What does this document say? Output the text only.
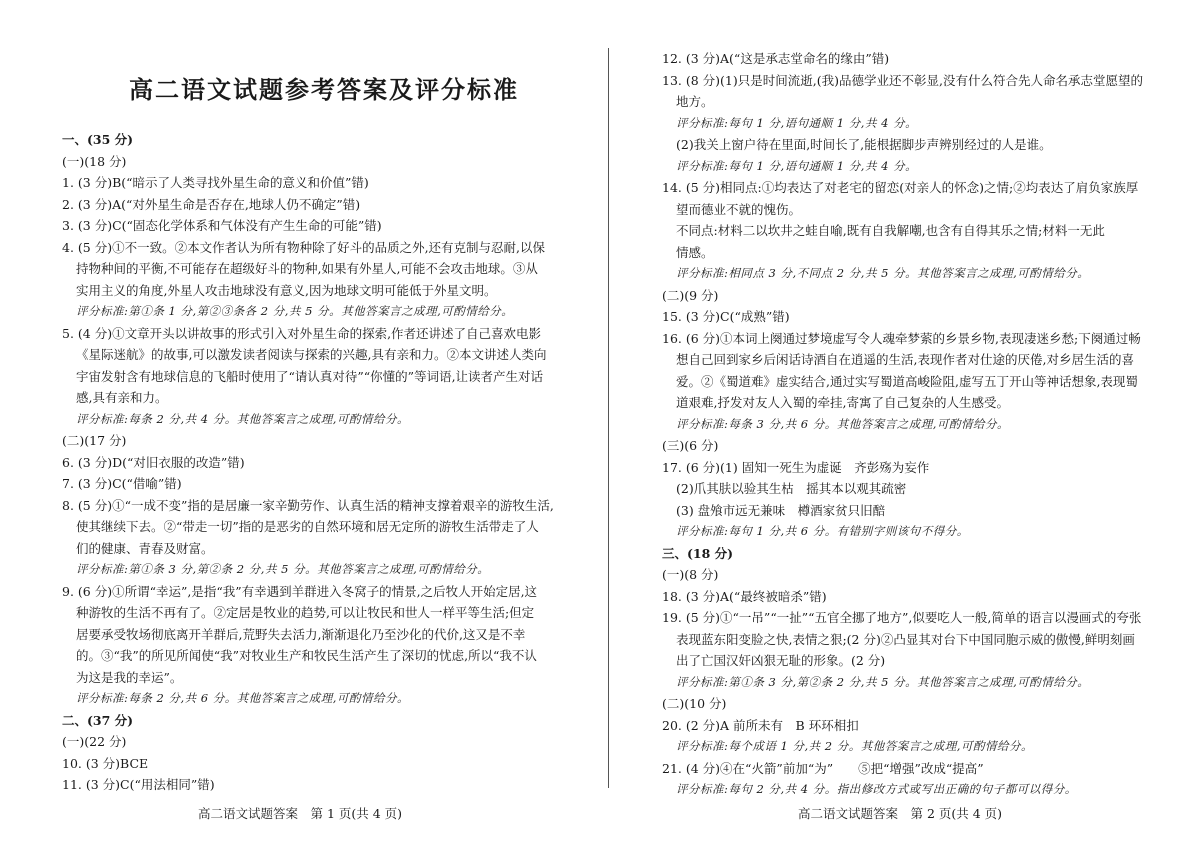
高二语文试题参考答案及评分标准
一、(35 分)
(一)(18 分)
1. (3 分)B(“暗示了人类寻找外星生命的意义和价值”错)
2. (3 分)A(“对外星生命是否存在,地球人仍不确定”错)
3. (3 分)C(“固态化学体系和气体没有产生生命的可能”错)
4. (5 分)①不一致。②本文作者认为所有物种除了好斗的品质之外,还有克制与忍耐,以保
持物种间的平衡,不可能存在超级好斗的物种,如果有外星人,可能不会攻击地球。③从
实用主义的角度,外星人攻击地球没有意义,因为地球文明可能低于外星文明。
评分标准:第①条 1 分,第②③条各 2 分,共 5 分。其他答案言之成理,可酌情给分。
5. (4 分)①文章开头以讲故事的形式引入对外星生命的探索,作者还讲述了自己喜欢电影
《星际迷航》的故事,可以激发读者阅读与探索的兴趣,具有亲和力。②本文讲述人类向
宇宙发射含有地球信息的飞船时使用了“请认真对待”“你懂的”等词语,让读者产生对话
感,具有亲和力。
评分标准:每条 2 分,共 4 分。其他答案言之成理,可酌情给分。
(二)(17 分)
6. (3 分)D(“对旧衣服的改造”错)
7. (3 分)C(“借喻”错)
8. (5 分)①“一成不变”指的是居廉一家辛勤劳作、认真生活的精神支撑着艰辛的游牧生活,
使其继续下去。②“带走一切”指的是恶劣的自然环境和居无定所的游牧生活带走了人
们的健康、青春及财富。
评分标准:第①条 3 分,第②条 2 分,共 5 分。其他答案言之成理,可酌情给分。
9. (6 分)①所谓“幸运”,是指“我”有幸遇到羊群进入冬窝子的情景,之后牧人开始定居,这
种游牧的生活不再有了。②定居是牧业的趋势,可以让牧民和世人一样平等生活;但定
居要承受牧场彻底离开羊群后,荒野失去活力,渐渐退化乃至沙化的代价,这又是不幸
的。③“我”的所见所闻使“我”对牧业生产和牧民生活产生了深切的忧虑,所以“我不认
为这是我的幸运”。
评分标准:每条 2 分,共 6 分。其他答案言之成理,可酌情给分。
二、(37 分)
(一)(22 分)
10. (3 分)BCE
11. (3 分)C(“用法相同”错)
12. (3 分)A(“这是承志堂命名的缘由”错)
13. (8 分)(1)只是时间流逝,(我)品德学业还不彰显,没有什么符合先人命名承志堂愿望的
地方。
评分标准:每句 1 分,语句通顺 1 分,共 4 分。
(2)我关上窗户待在里面,时间长了,能根据脚步声辨别经过的人是谁。
评分标准:每句 1 分,语句通顺 1 分,共 4 分。
14. (5 分)相同点:①均表达了对老宅的留恋(对亲人的怀念)之情;②均表达了肩负家族厚
望而德业不就的愧伤。
不同点:材料二以坎井之蛙自喻,既有自我解嘲,也含有自得其乐之情;材料一无此
情感。
评分标准:相同点 3 分,不同点 2 分,共 5 分。其他答案言之成理,可酌情给分。
(二)(9 分)
15. (3 分)C(“成熟”错)
16. (6 分)①本词上阕通过梦境虚写令人魂牵梦萦的乡景乡物,表现凄迷乡愁;下阕通过畅
想自己回到家乡后闲话诗酒自在逍遥的生活,表现作者对仕途的厌倦,对乡居生活的喜
爱。②《蜀道难》虚实结合,通过实写蜀道高峻险阻,虚写五丁开山等神话想象,表现蜀
道艰难,抒发对友人入蜀的牵挂,寄寓了自己复杂的人生感受。
评分标准:每条 3 分,共 6 分。其他答案言之成理,可酌情给分。
(三)(6 分)
17. (6 分)(1) 固知一死生为虚诞　齐彭殇为妄作
(2)爪其肤以验其生枯　摇其本以观其疏密
(3) 盘飧市远无兼味　樽酒家贫只旧醅
评分标准:每句 1 分,共 6 分。有错别字则该句不得分。
三、(18 分)
(一)(8 分)
18. (3 分)A(“最终被暗杀”错)
19. (5 分)①“一吊”“一扯”“五官全挪了地方”,似要吃人一般,简单的语言以漫画式的夸张
表现蓝东阳变脸之快,表情之狠;(2 分)②凸显其对台下中国同胞示威的傲慢,鲜明刻画
出了亡国汉奸凶狠无耻的形象。(2 分)
评分标准:第①条 3 分,第②条 2 分,共 5 分。其他答案言之成理,可酌情给分。
(二)(10 分)
20. (2 分)A 前所未有　B 环环相扣
评分标准:每个成语 1 分,共 2 分。其他答案言之成理,可酌情给分。
21. (4 分)④在“火箭”前加“为”　　⑤把“增强”改成“提高”
评分标准:每句 2 分,共 4 分。指出修改方式或写出正确的句子都可以得分。
高二语文试题答案　第 1 页(共 4 页)	高二语文试题答案　第 2 页(共 4 页)
